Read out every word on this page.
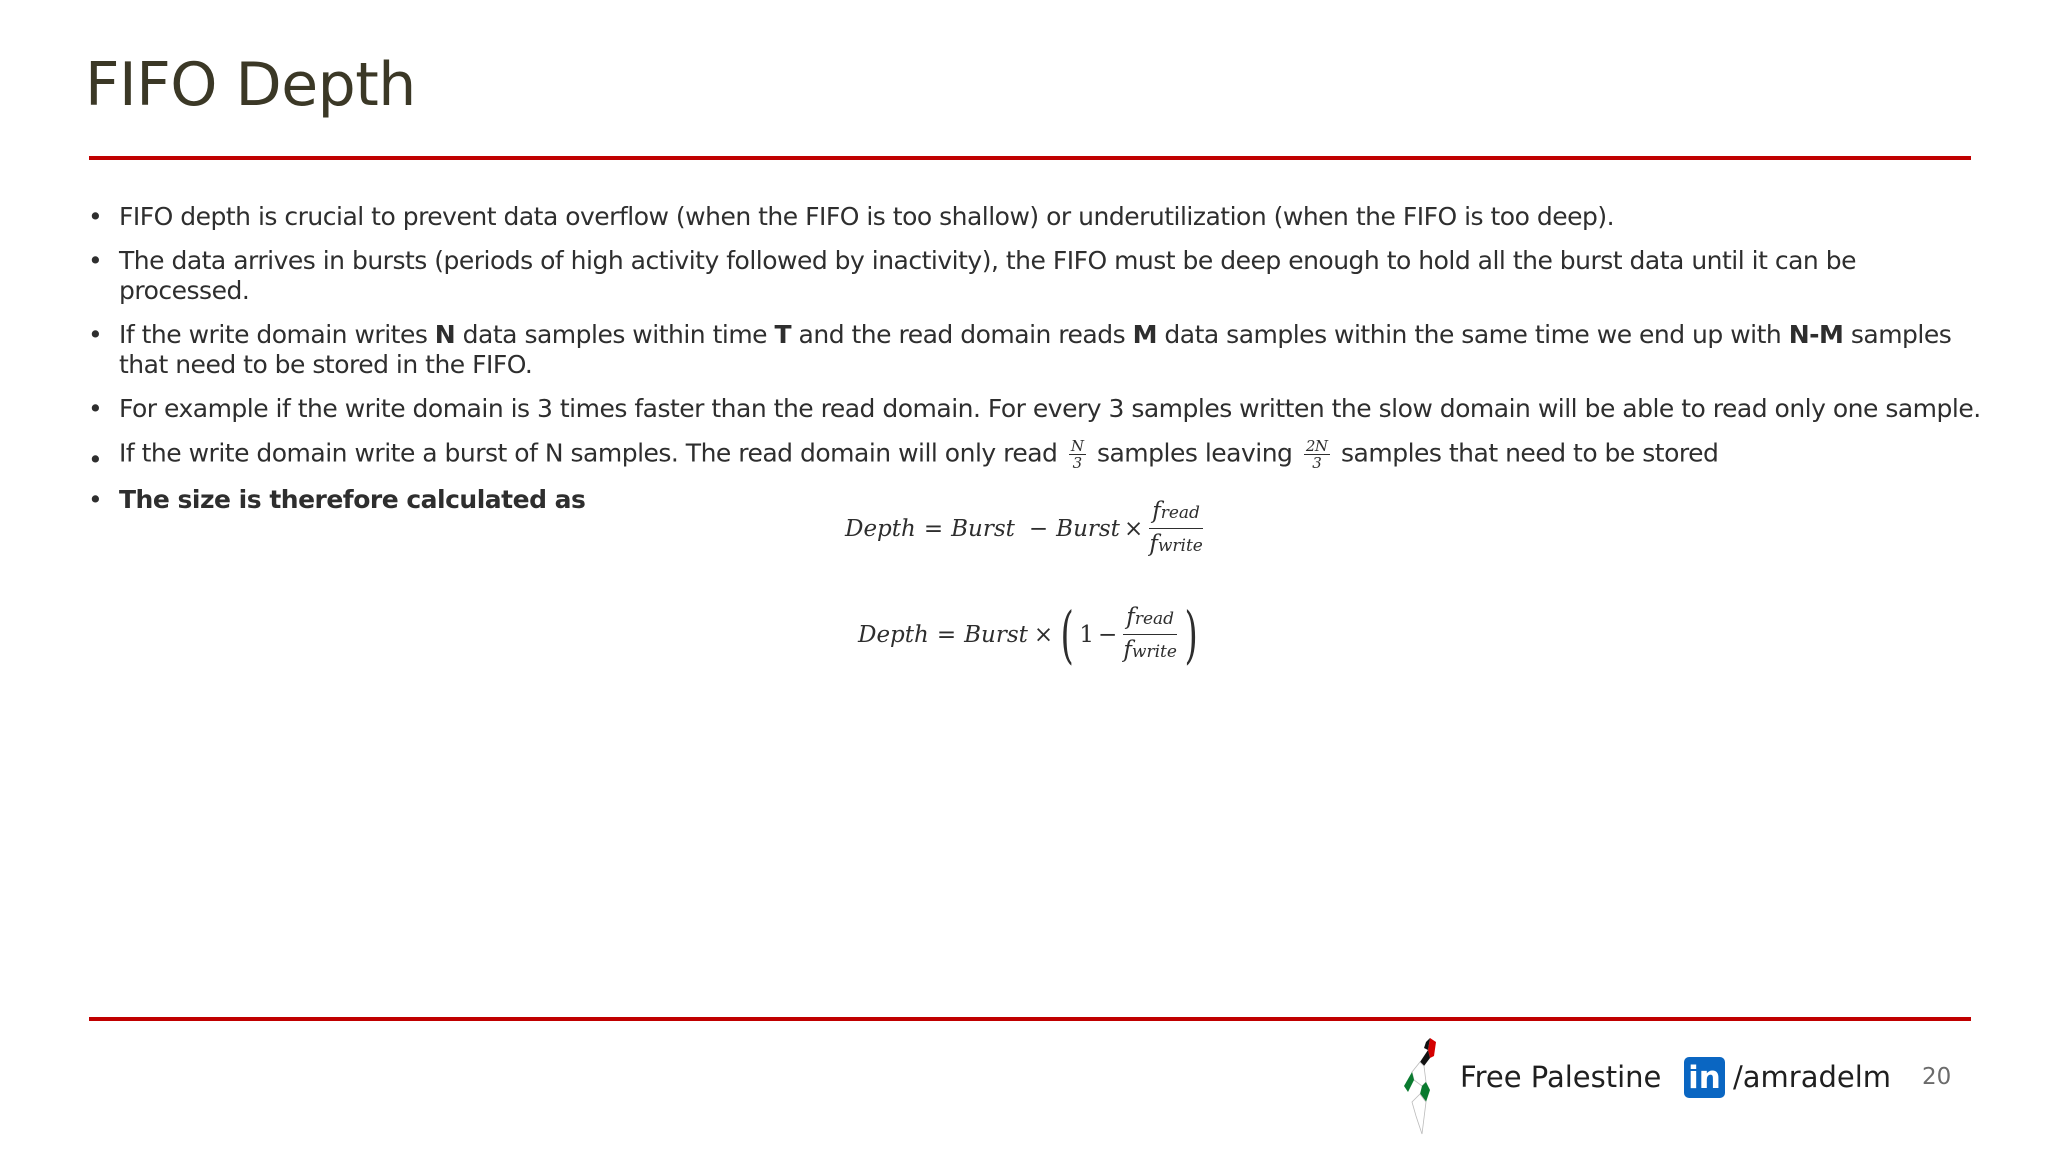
FIFO Depth
• FIFO depth is crucial to prevent data overflow (when the FIFO is too shallow) or underutilization (when the FIFO is too deep).
• The data arrives in bursts (periods of high activity followed by inactivity), the FIFO must be deep enough to hold all the burst data until it can be processed.
• If the write domain writes N data samples within time T and the read domain reads M data samples within the same time we end up with N-M samples that need to be stored in the FIFO.
• For example if the write domain is 3 times faster than the read domain. For every 3 samples written the slow domain will be able to read only one sample.
• If the write domain write a burst of N samples. The read domain will only read $\frac{N}{3}$ samples leaving $\frac{2N}{3}$ samples that need to be stored
• The size is therefore calculated as
Depth = Burst − Burst × $\frac{\text{fread}}{\text{fwrite}}$
Depth = Burst × ( $1 - \frac{\text{fread}}{\text{fwrite}}$ )
Free Palestine in /amradelm 20
